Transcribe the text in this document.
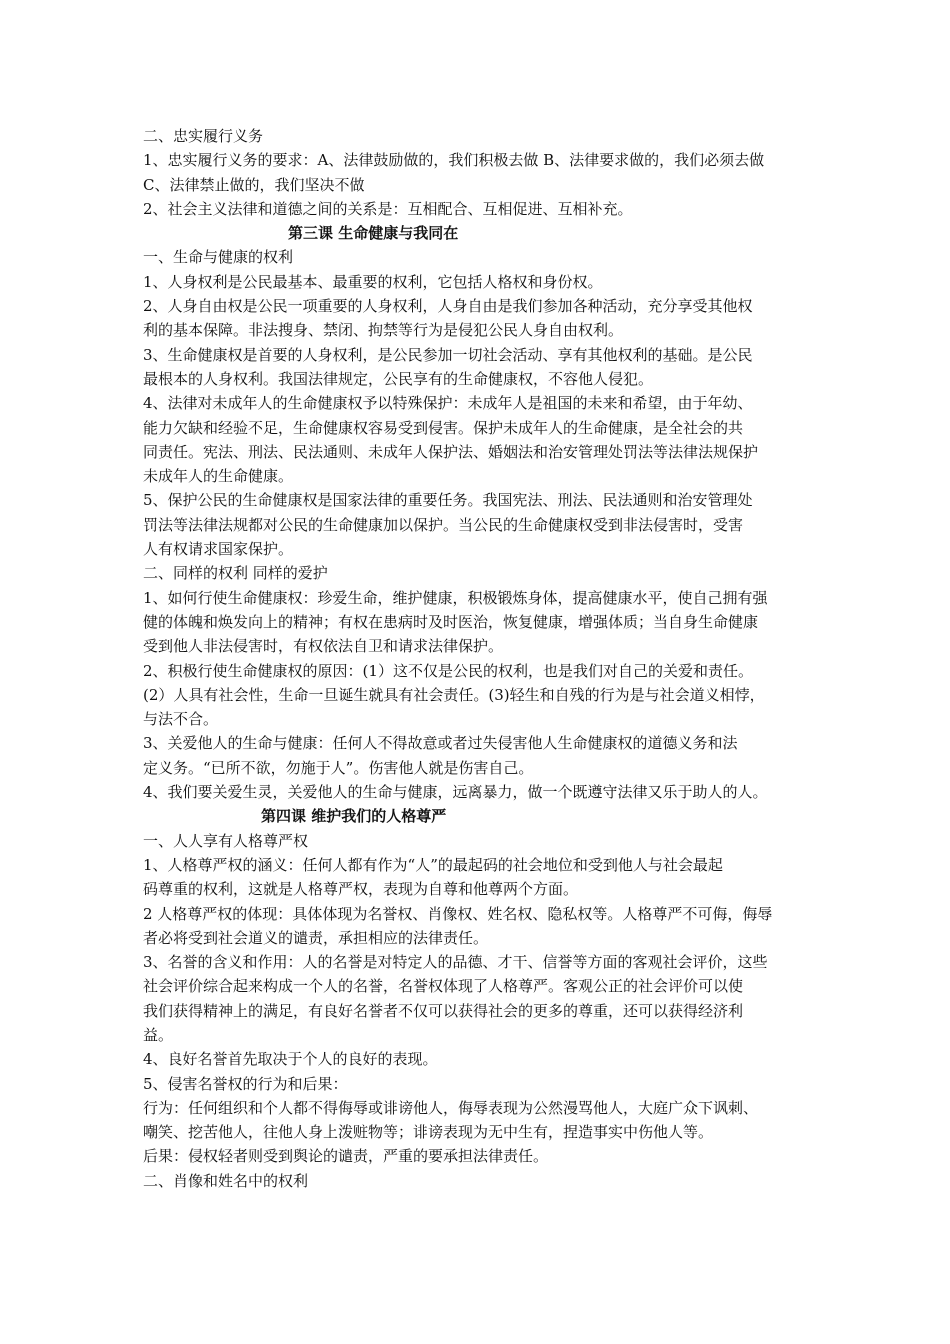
二、忠实履行义务
1、忠实履行义务的要求：A、法律鼓励做的，我们积极去做 B、法律要求做的，我们必须去做
C、法律禁止做的，我们坚决不做
2、社会主义法律和道德之间的关系是：互相配合、互相促进、互相补充。
第三课 生命健康与我同在
一、生命与健康的权利
1、人身权利是公民最基本、最重要的权利，它包括人格权和身份权。
2、人身自由权是公民一项重要的人身权利，人身自由是我们参加各种活动，充分享受其他权
利的基本保障。非法搜身、禁闭、拘禁等行为是侵犯公民人身自由权利。
3、生命健康权是首要的人身权利，是公民参加一切社会活动、享有其他权利的基础。是公民
最根本的人身权利。我国法律规定，公民享有的生命健康权，不容他人侵犯。
4、法律对未成年人的生命健康权予以特殊保护：未成年人是祖国的未来和希望，由于年幼、
能力欠缺和经验不足，生命健康权容易受到侵害。保护未成年人的生命健康，是全社会的共
同责任。宪法、刑法、民法通则、未成年人保护法、婚姻法和治安管理处罚法等法律法规保护
未成年人的生命健康。
5、保护公民的生命健康权是国家法律的重要任务。我国宪法、刑法、民法通则和治安管理处
罚法等法律法规都对公民的生命健康加以保护。当公民的生命健康权受到非法侵害时，受害
人有权请求国家保护。
二、同样的权利 同样的爱护
1、如何行使生命健康权：珍爱生命，维护健康，积极锻炼身体，提高健康水平，使自己拥有强
健的体魄和焕发向上的精神；有权在患病时及时医治，恢复健康，增强体质；当自身生命健康
受到他人非法侵害时，有权依法自卫和请求法律保护。
2、积极行使生命健康权的原因：(1）这不仅是公民的权利，也是我们对自己的关爱和责任。
(2）人具有社会性，生命一旦诞生就具有社会责任。(3)轻生和自残的行为是与社会道义相悖，
与法不合。
3、关爱他人的生命与健康：任何人不得故意或者过失侵害他人生命健康权的道德义务和法
定义务。“已所不欲，勿施于人”。伤害他人就是伤害自己。
4、我们要关爱生灵，关爱他人的生命与健康，远离暴力，做一个既遵守法律又乐于助人的人。
第四课 维护我们的人格尊严
一、人人享有人格尊严权
1、人格尊严权的涵义：任何人都有作为“人”的最起码的社会地位和受到他人与社会最起
码尊重的权利，这就是人格尊严权，表现为自尊和他尊两个方面。
2 人格尊严权的体现：具体体现为名誉权、肖像权、姓名权、隐私权等。人格尊严不可侮，侮辱
者必将受到社会道义的谴责，承担相应的法律责任。
3、名誉的含义和作用：人的名誉是对特定人的品德、才干、信誉等方面的客观社会评价，这些
社会评价综合起来构成一个人的名誉，名誉权体现了人格尊严。客观公正的社会评价可以使
我们获得精神上的满足，有良好名誉者不仅可以获得社会的更多的尊重，还可以获得经济利
益。
4、良好名誉首先取决于个人的良好的表现。
5、侵害名誉权的行为和后果：
行为：任何组织和个人都不得侮辱或诽谤他人，侮辱表现为公然漫骂他人，大庭广众下讽刺、
嘲笑、挖苦他人，往他人身上泼赃物等；诽谤表现为无中生有，捏造事实中伤他人等。
后果：侵权轻者则受到舆论的谴责，严重的要承担法律责任。
二、肖像和姓名中的权利
